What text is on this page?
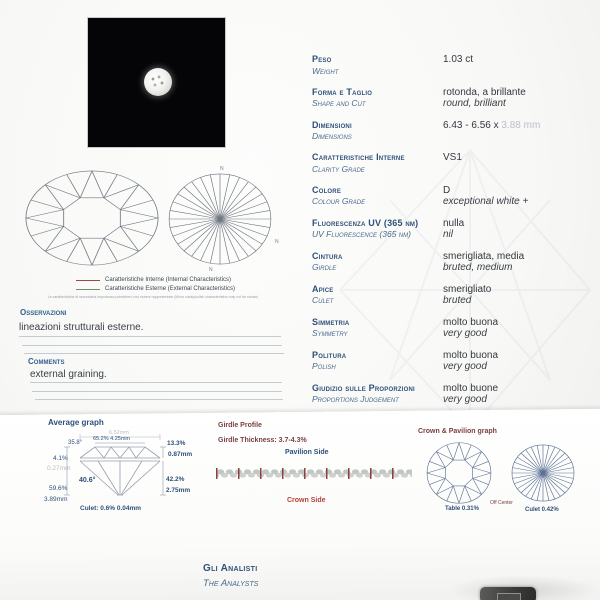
N
N
N
Caratteristiche Interne (Internal Characteristics)
Caratteristiche Esterne (External Characteristics)
Le caratteristiche di secondaria importanza potrebbero non essere rappresentate (Minor clarity/polish characteristics may not be shown)
Osservazioni
lineazioni strutturali esterne.
Comments
external graining.
Peso
Weight
1.03 ct
Forma e Taglio
Shape and Cut
rotonda, a brillante
round, brilliant
Dimensioni
Dimensions
6.43 - 6.56 x 3.88 mm
Caratteristiche Interne
Clarity Grade
VS1
Colore
Colour Grade
D
exceptional white +
Fluorescenza UV (365 nm)
UV Fluorescence (365 nm)
nulla
nil
Cintura
Girdle
smerigliata, media
bruted, medium
Apice
Culet
smerigliato
bruted
Simmetria
Symmetry
molto buona
very good
Politura
Polish
molto buona
very good
Giudizio sulle Proporzioni
Proportions Judgement
molto buone
very good
Average graph
6.52mm
65.2% 4.25mm
35.8°	13.3%
0.87mm
4.1%
0.27mm
40.6°	42.2%
2.75mm
59.6%
3.89mm
Culet: 0.6% 0.04mm
Girdle Profile
Girdle Thickness: 3.7-4.3%
Pavilion Side
Crown Side
Crown & Pavilion graph
Table 0.31%
Off Center
Culet 0.42%
Gli Analisti
The Analysts
